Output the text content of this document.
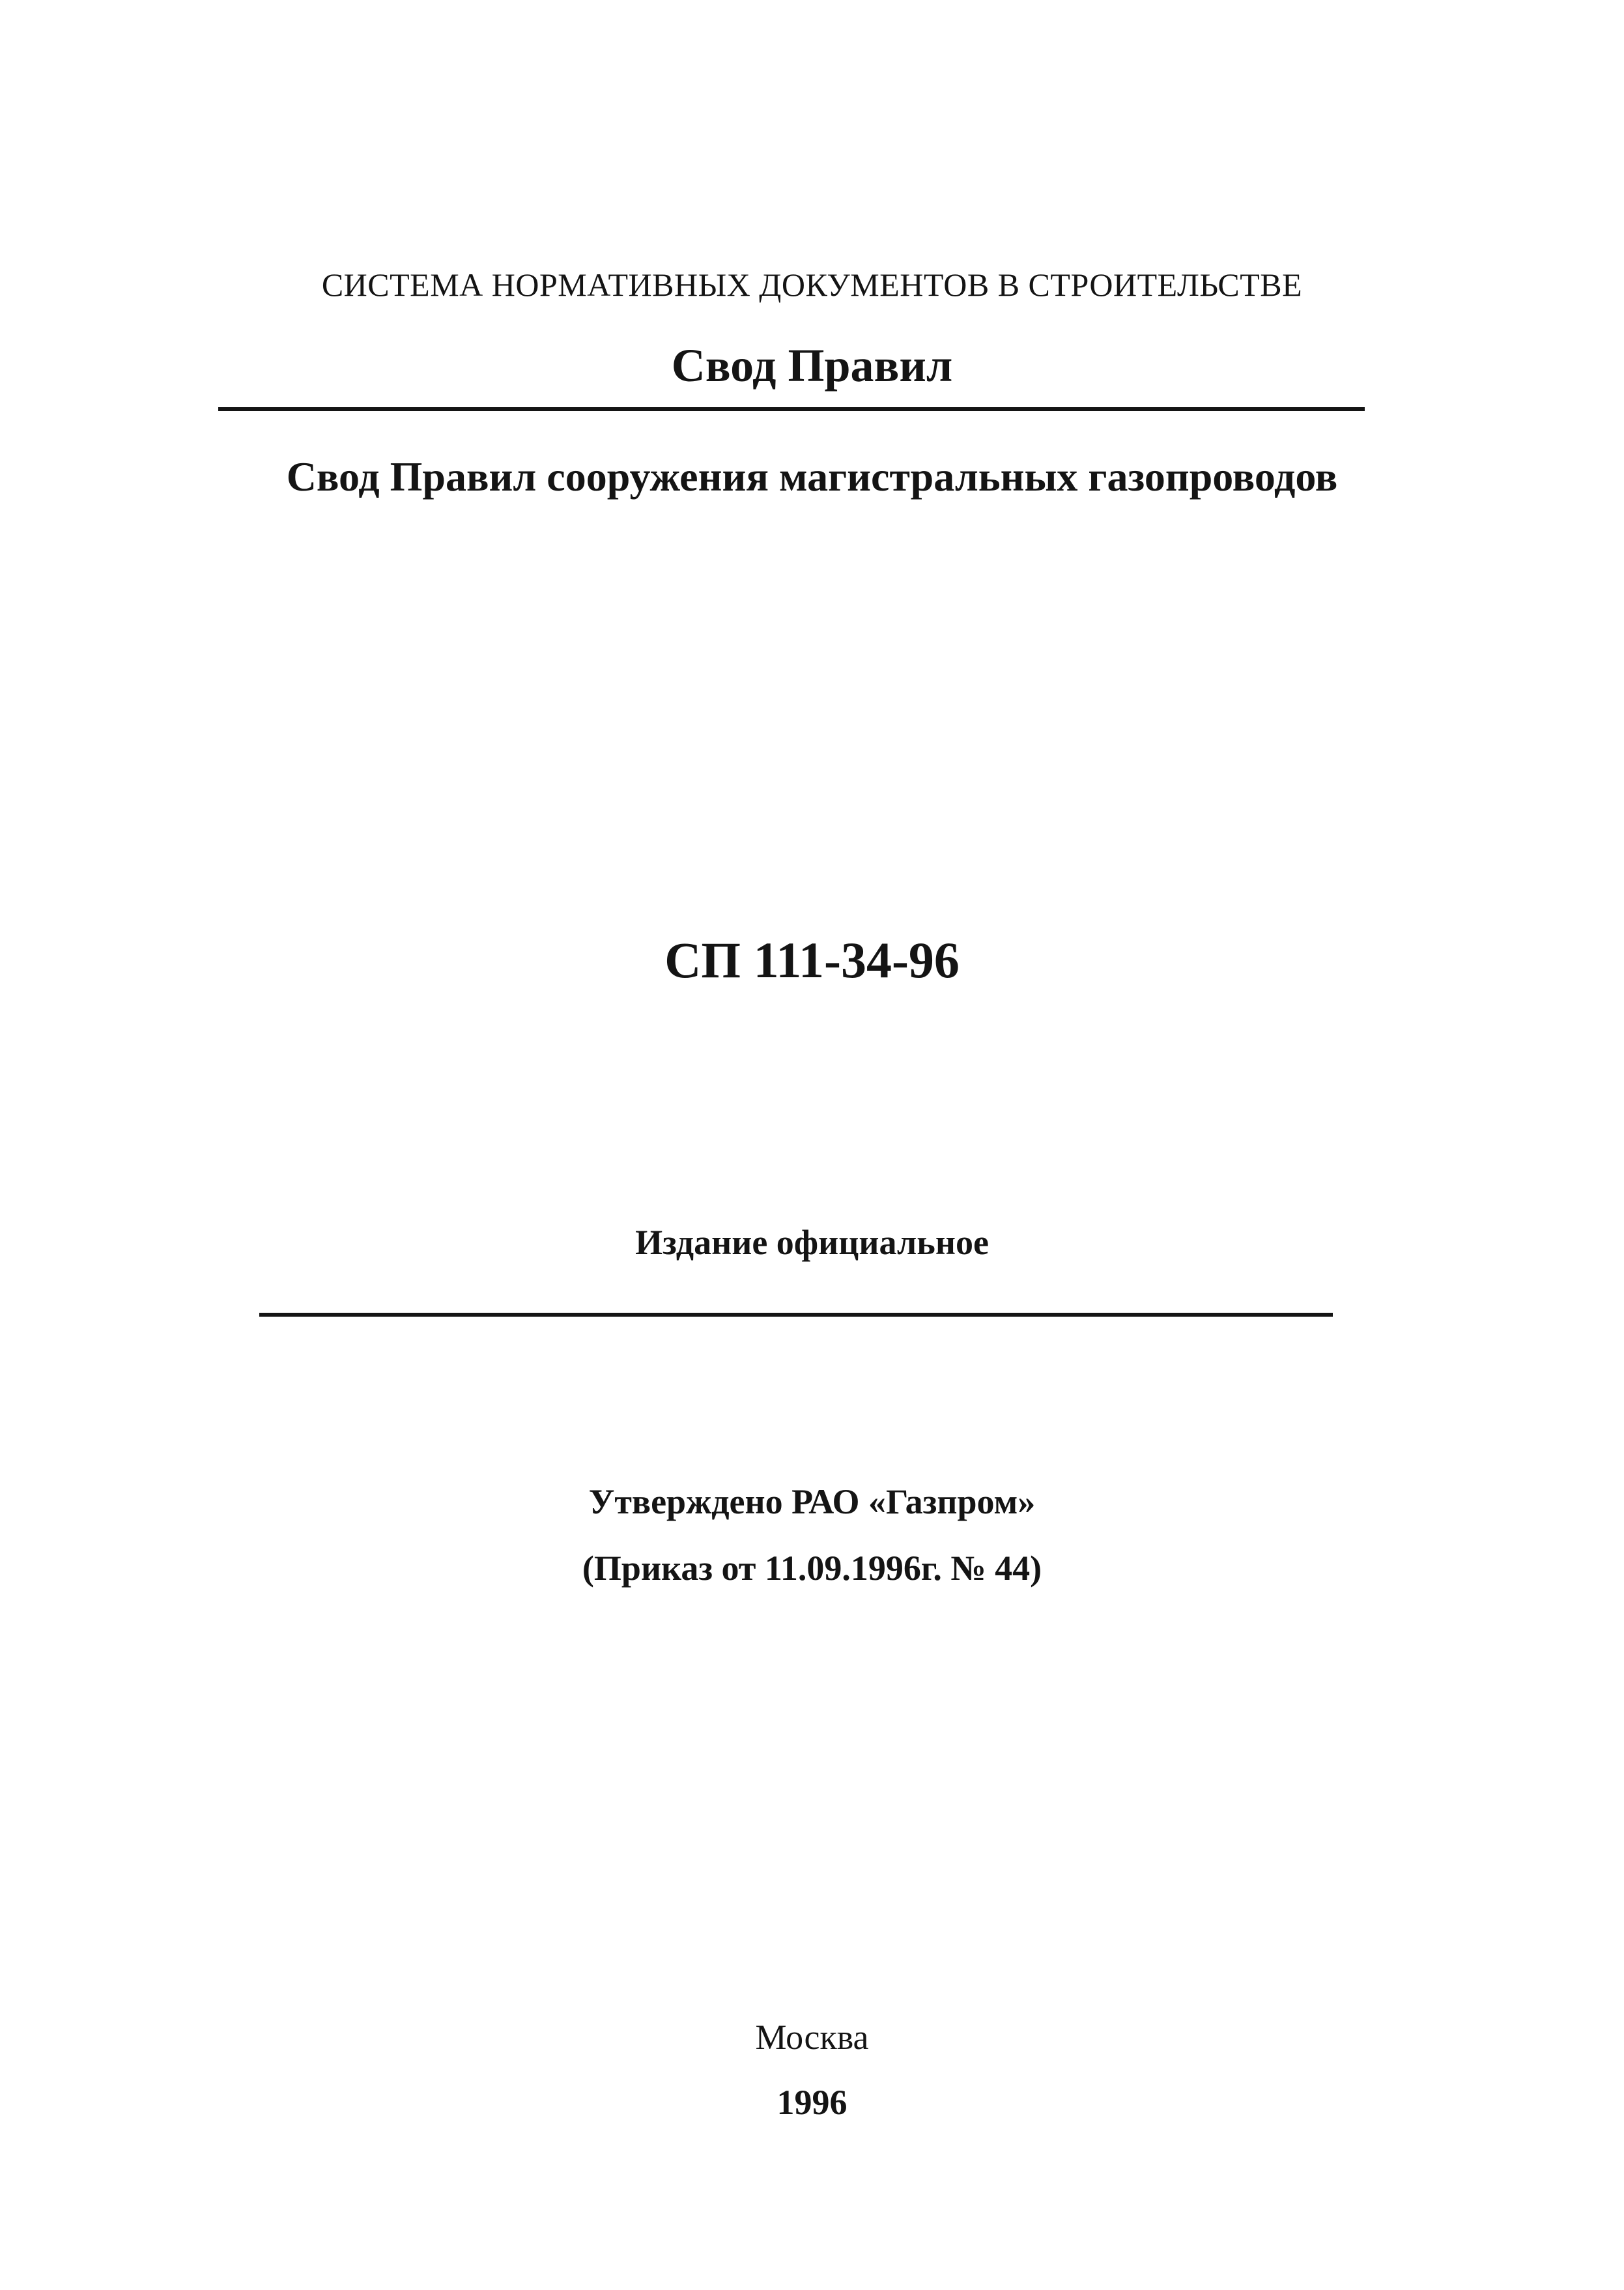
СИСТЕМА НОРМАТИВНЫХ ДОКУМЕНТОВ В СТРОИТЕЛЬСТВЕ
Свод Правил
Свод Правил сооружения магистральных газопроводов
СП 111-34-96
Издание официальное
Утверждено РАО «Газпром»
(Приказ от 11.09.1996г. № 44)
Москва
1996
